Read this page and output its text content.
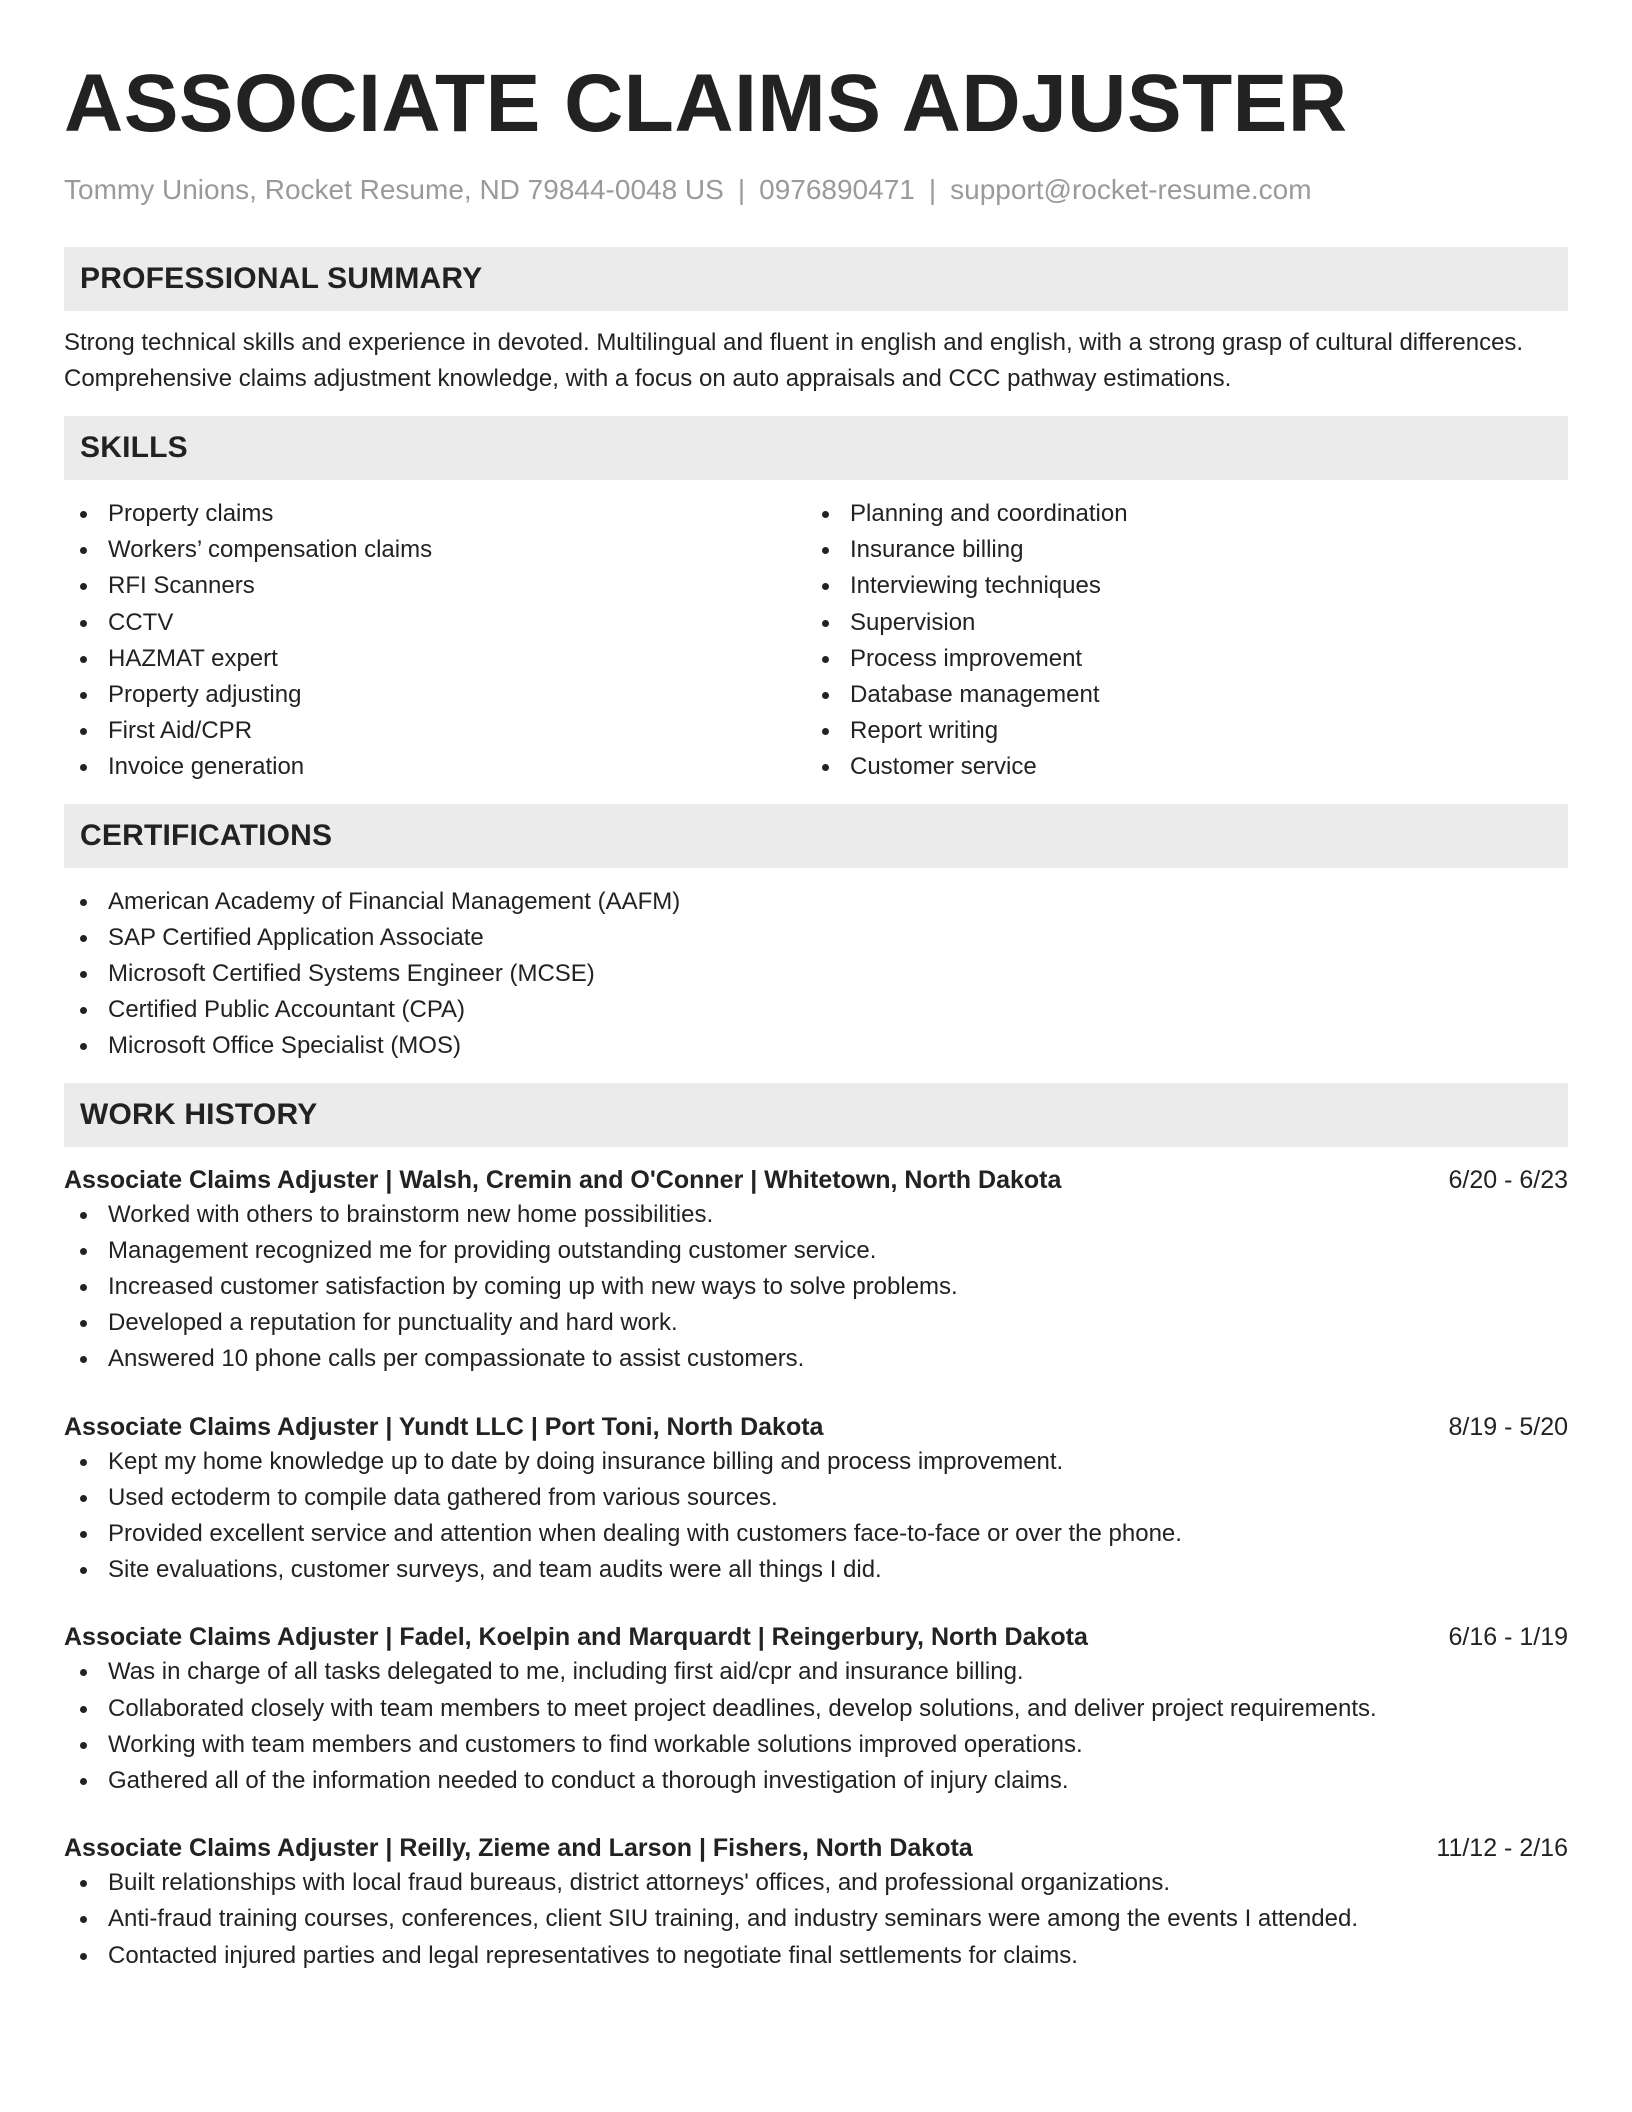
ASSOCIATE CLAIMS ADJUSTER
Tommy Unions, Rocket Resume, ND 79844-0048 US | 0976890471 | support@rocket-resume.com
PROFESSIONAL SUMMARY
Strong technical skills and experience in devoted. Multilingual and fluent in english and english, with a strong grasp of cultural differences. Comprehensive claims adjustment knowledge, with a focus on auto appraisals and CCC pathway estimations.
SKILLS
Property claims
Workers’ compensation claims
RFI Scanners
CCTV
HAZMAT expert
Property adjusting
First Aid/CPR
Invoice generation
Planning and coordination
Insurance billing
Interviewing techniques
Supervision
Process improvement
Database management
Report writing
Customer service
CERTIFICATIONS
American Academy of Financial Management (AAFM)
SAP Certified Application Associate
Microsoft Certified Systems Engineer (MCSE)
Certified Public Accountant (CPA)
Microsoft Office Specialist (MOS)
WORK HISTORY
Associate Claims Adjuster | Walsh, Cremin and O'Conner | Whitetown, North Dakota	6/20 - 6/23
Worked with others to brainstorm new home possibilities.
Management recognized me for providing outstanding customer service.
Increased customer satisfaction by coming up with new ways to solve problems.
Developed a reputation for punctuality and hard work.
Answered 10 phone calls per compassionate to assist customers.
Associate Claims Adjuster | Yundt LLC | Port Toni, North Dakota	8/19 - 5/20
Kept my home knowledge up to date by doing insurance billing and process improvement.
Used ectoderm to compile data gathered from various sources.
Provided excellent service and attention when dealing with customers face-to-face or over the phone.
Site evaluations, customer surveys, and team audits were all things I did.
Associate Claims Adjuster | Fadel, Koelpin and Marquardt | Reingerbury, North Dakota	6/16 - 1/19
Was in charge of all tasks delegated to me, including first aid/cpr and insurance billing.
Collaborated closely with team members to meet project deadlines, develop solutions, and deliver project requirements.
Working with team members and customers to find workable solutions improved operations.
Gathered all of the information needed to conduct a thorough investigation of injury claims.
Associate Claims Adjuster | Reilly, Zieme and Larson | Fishers, North Dakota	11/12 - 2/16
Built relationships with local fraud bureaus, district attorneys' offices, and professional organizations.
Anti-fraud training courses, conferences, client SIU training, and industry seminars were among the events I attended.
Contacted injured parties and legal representatives to negotiate final settlements for claims.
